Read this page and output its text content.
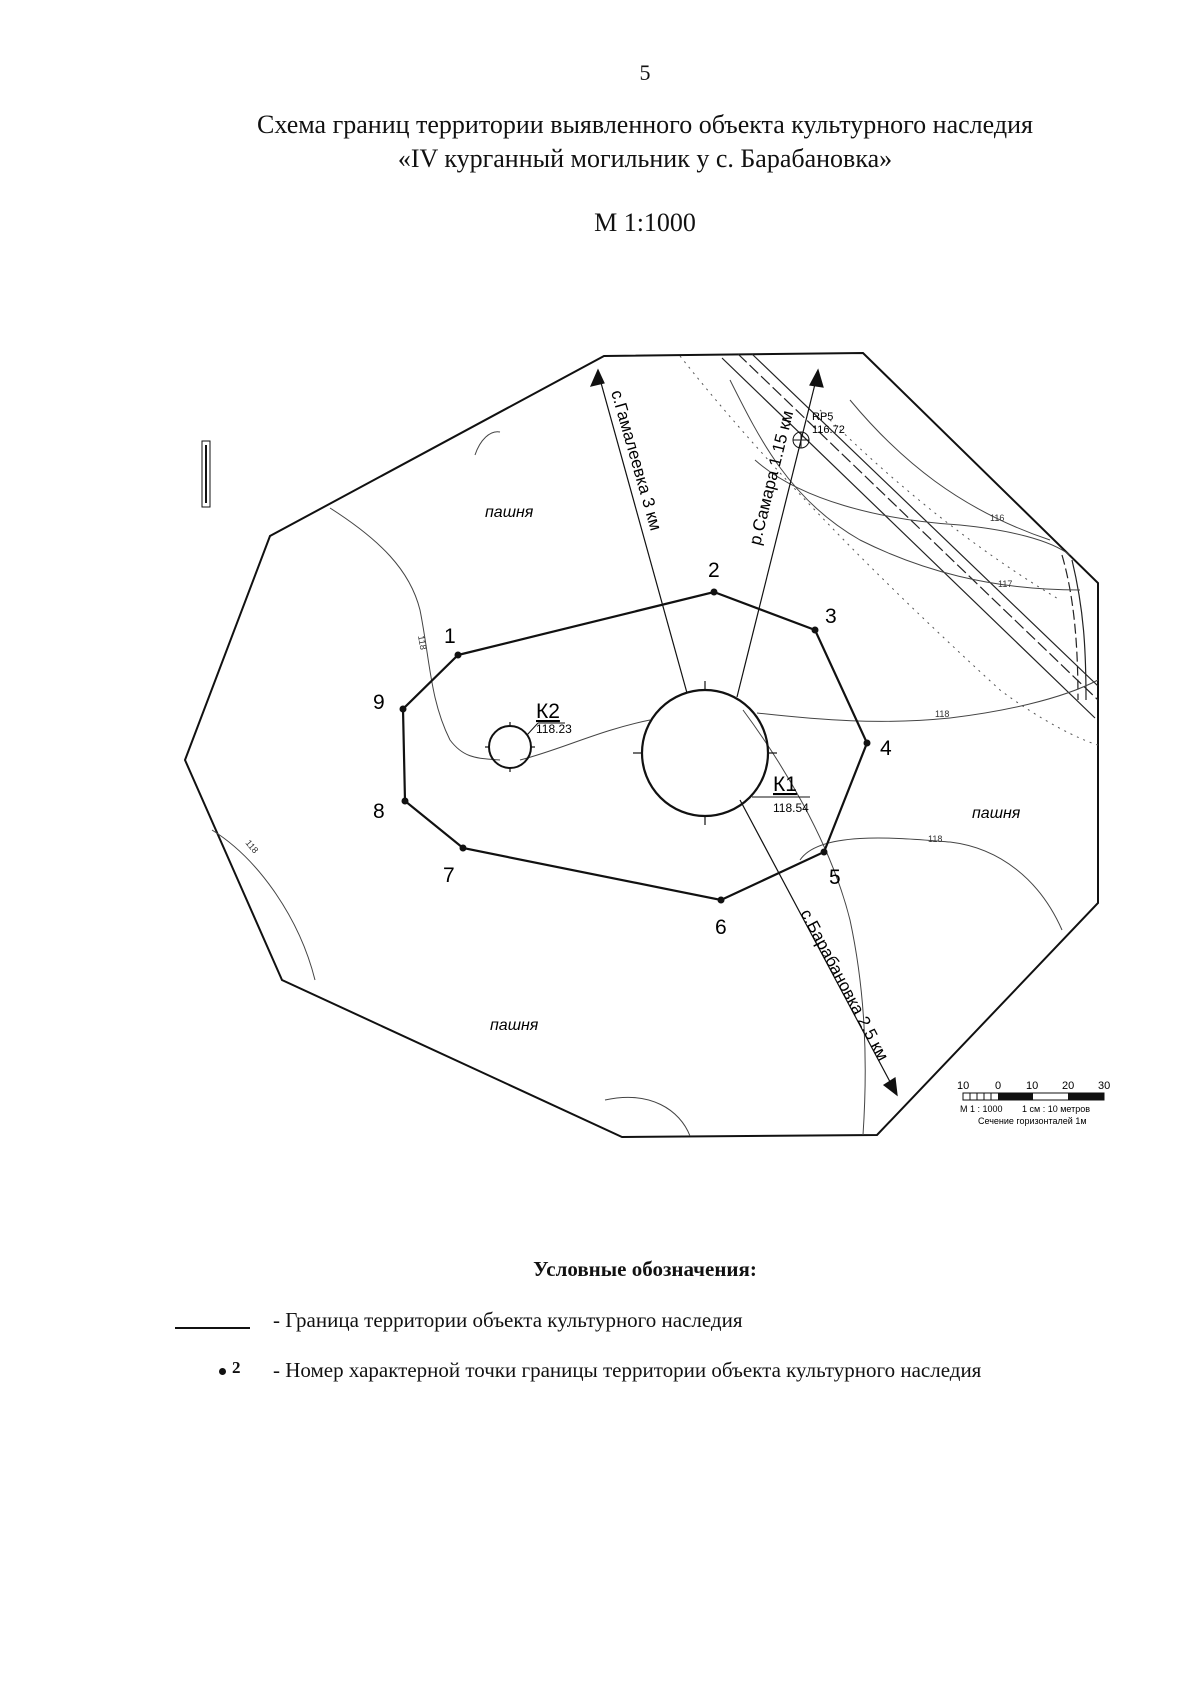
5
Схема границ территории выявленного объекта культурного наследия
«IV курганный могильник у с. Барабановка»
М 1:1000
с.Гамалеевка 3 км	р.Самара 1.15 км
с.Барабановка 2.5 км
1
2
3
4
5
6
7
8
9
К1
118.54
К2
118.23
RP5
116.72
пашня
пашня
пашня
118
118
118
118
117
116
10 0 10 20 30
М 1 : 1000 1 см : 10 метров
Сечение горизонталей 1м
Условные обозначения:
- Граница территории объекта культурного наследия
2 - Номер характерной точки границы территории объекта культурного наследия
